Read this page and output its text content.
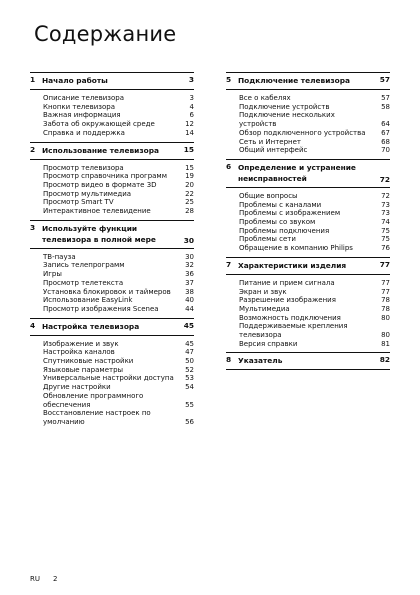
Содержание
1 Начало работы	3
Описание телевизора	3
Кнопки телевизора	4
Важная информация	6
Забота об окружающей среде	12
Справка и поддержка	14
2 Использование телевизора	15
Просмотр телевизора	15
Просмотр справочника программ	19
Просмотр видео в формате 3D	20
Просмотр мультимедиа	22
Просмотр Smart TV	25
Интерактивное телевидение	28
3 Используйте функции телевизора в полной мере	30
ТВ-пауза	30
Запись телепрограмм	32
Игры	36
Просмотр телетекста	37
Установка блокировок и таймеров	38
Использование EasyLink	40
Просмотр изображения Scenea	44
4 Настройка телевизора	45
Изображение и звук	45
Настройка каналов	47
Спутниковые настройки	50
Языковые параметры	52
Универсальные настройки доступа	53
Другие настройки	54
Обновление программного обеспечения	55
Восстановление настроек по умолчанию	56
5 Подключение телевизора	57
Все о кабелях	57
Подключение устройств	58
Подключение нескольких устройств	64
Обзор подключенного устройства	67
Сеть и Интернет	68
Общий интерфейс	70
6 Определение и устранение неисправностей	72
Общие вопросы	72
Проблемы с каналами	73
Проблемы с изображением	73
Проблемы со звуком	74
Проблемы подключения	75
Проблемы сети	75
Обращение в компанию Philips	76
7 Характеристики изделия	77
Питание и прием сигнала	77
Экран и звук	77
Разрешение изображения	78
Мультимедиа	78
Возможность подключения	80
Поддерживаемые крепления телевизора	80
Версия справки	81
8 Указатель	82
RU 2
